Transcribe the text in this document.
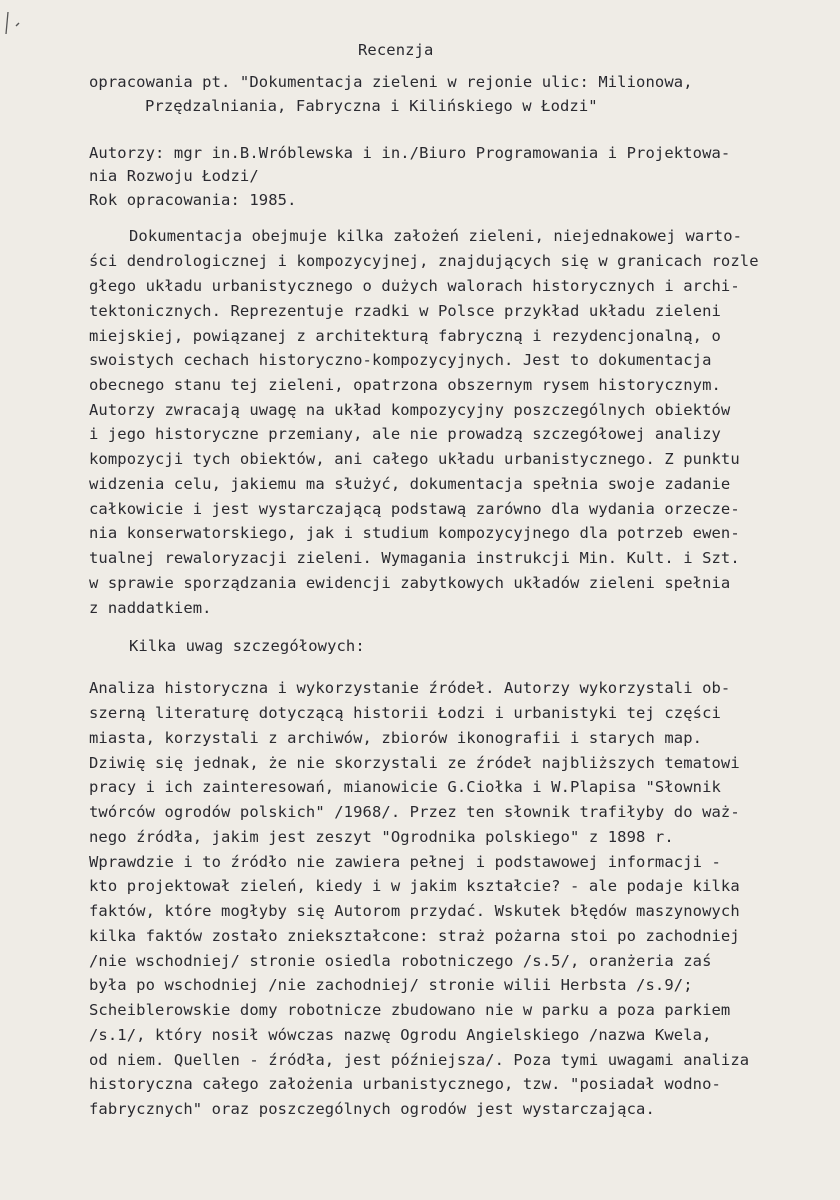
Recenzja
opracowania pt. "Dokumentacja zieleni w rejonie ulic: Milionowa,
Przędzalniania, Fabryczna i Kilińskiego w Łodzi"
Autorzy: mgr in.B.Wróblewska i in./Biuro Programowania i Projektowa-
nia Rozwoju Łodzi/
Rok opracowania: 1985.
Dokumentacja obejmuje kilka założeń zieleni, niejednakowej warto-
ści dendrologicznej i kompozycyjnej, znajdujących się w granicach rozle
głego układu urbanistycznego o dużych walorach historycznych i archi-
tektonicznych. Reprezentuje rzadki w Polsce przykład układu zieleni
miejskiej, powiązanej z architekturą fabryczną i rezydencjonalną, o
swoistych cechach historyczno-kompozycyjnych. Jest to dokumentacja
obecnego stanu tej zieleni, opatrzona obszernym rysem historycznym.
Autorzy zwracają uwagę na układ kompozycyjny poszczególnych obiektów
i jego historyczne przemiany, ale nie prowadzą szczegółowej analizy
kompozycji tych obiektów, ani całego układu urbanistycznego. Z punktu
widzenia celu, jakiemu ma służyć, dokumentacja spełnia swoje zadanie
całkowicie i jest wystarczającą podstawą zarówno dla wydania orzecze-
nia konserwatorskiego, jak i studium kompozycyjnego dla potrzeb ewen-
tualnej rewaloryzacji zieleni. Wymagania instrukcji Min. Kult. i Szt.
w sprawie sporządzania ewidencji zabytkowych układów zieleni spełnia
z naddatkiem.
Kilka uwag szczegółowych:
Analiza historyczna i wykorzystanie źródeł. Autorzy wykorzystali ob-
szerną literaturę dotyczącą historii Łodzi i urbanistyki tej części
miasta, korzystali z archiwów, zbiorów ikonografii i starych map.
Dziwię się jednak, że nie skorzystali ze źródeł najbliższych tematowi
pracy i ich zainteresowań, mianowicie G.Ciołka i W.Plapisa "Słownik
twórców ogrodów polskich" /1968/. Przez ten słownik trafiłyby do waż-
nego źródła, jakim jest zeszyt "Ogrodnika polskiego" z 1898 r.
Wprawdzie i to źródło nie zawiera pełnej i podstawowej informacji -
kto projektował zieleń, kiedy i w jakim kształcie? - ale podaje kilka
faktów, które mogłyby się Autorom przydać. Wskutek błędów maszynowych
kilka faktów zostało zniekształcone: straż pożarna stoi po zachodniej
/nie wschodniej/ stronie osiedla robotniczego /s.5/, oranżeria zaś
była po wschodniej /nie zachodniej/ stronie wilii Herbsta /s.9/;
Scheiblerowskie domy robotnicze zbudowano nie w parku a poza parkiem
/s.1/, który nosił wówczas nazwę Ogrodu Angielskiego /nazwa Kwela,
od niem. Quellen - źródła, jest późniejsza/. Poza tymi uwagami analiza
historyczna całego założenia urbanistycznego, tzw. "posiadał wodno-
fabrycznych" oraz poszczególnych ogrodów jest wystarczająca.
